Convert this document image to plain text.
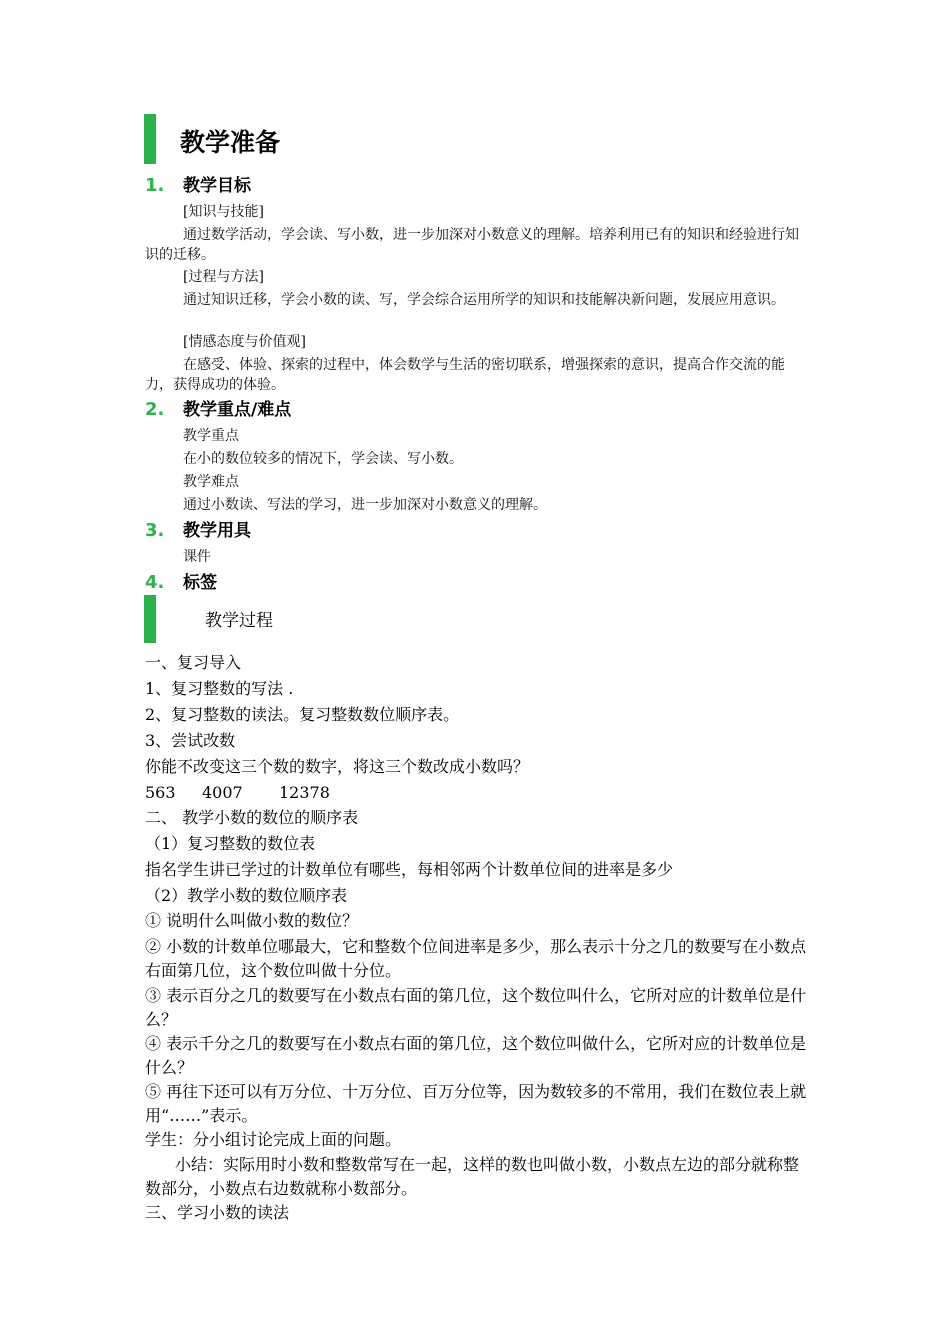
教学准备
1. 教学目标
[知识与技能]
通过数学活动，学会读、写小数，进一步加深对小数意义的理解。培养利用已有的知识和经验进行知识的迁移。
[过程与方法]
通过知识迁移，学会小数的读、写，学会综合运用所学的知识和技能解决新问题，发展应用意识。
[情感态度与价值观]
在感受、体验、探索的过程中，体会数学与生活的密切联系，增强探索的意识，提高合作交流的能力，获得成功的体验。
2. 教学重点/难点
教学重点
在小的数位较多的情况下，学会读、写小数。
教学难点
通过小数读、写法的学习，进一步加深对小数意义的理解。
3. 教学用具
课件
4. 标签
教学过程
一、复习导入
1、复习整数的写法 .
2、复习整数的读法。复习整数数位顺序表。
3、尝试改数
你能不改变这三个数的数字，将这三个数改成小数吗？
563 4007 12378
二、 教学小数的数位的顺序表
（1）复习整数的数位表
指名学生讲已学过的计数单位有哪些，每相邻两个计数单位间的进率是多少
（2）教学小数的数位顺序表
① 说明什么叫做小数的数位？
② 小数的计数单位哪最大，它和整数个位间进率是多少，那么表示十分之几的数要写在小数点右面第几位，这个数位叫做十分位。
③ 表示百分之几的数要写在小数点右面的第几位，这个数位叫什么，它所对应的计数单位是什么？
④ 表示千分之几的数要写在小数点右面的第几位，这个数位叫做什么，它所对应的计数单位是什么？
⑤ 再往下还可以有万分位、十万分位、百万分位等，因为数较多的不常用，我们在数位表上就用“……”表示。
学生：分小组讨论完成上面的问题。
小结：实际用时小数和整数常写在一起，这样的数也叫做小数，小数点左边的部分就称整数部分，小数点右边数就称小数部分。
三、学习小数的读法
